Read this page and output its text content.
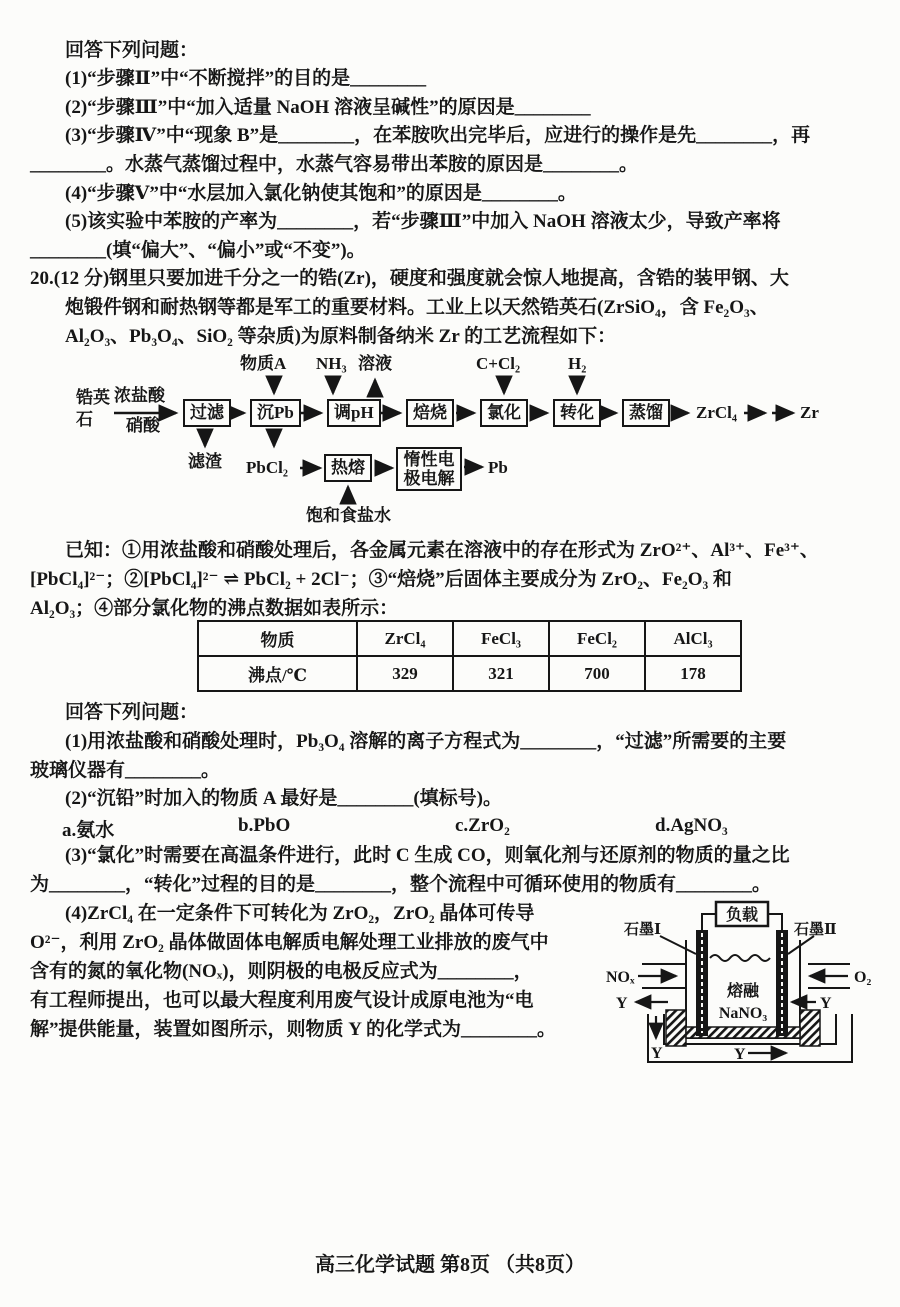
回答下列问题：
(1)“步骤Ⅱ”中“不断搅拌”的目的是________
(2)“步骤Ⅲ”中“加入适量 NaOH 溶液呈碱性”的原因是________
(3)“步骤Ⅳ”中“现象 B”是________，在苯胺吹出完毕后，应进行的操作是先________，再
________。水蒸气蒸馏过程中，水蒸气容易带出苯胺的原因是________。
(4)“步骤Ⅴ”中“水层加入氯化钠使其饱和”的原因是________。
(5)该实验中苯胺的产率为________，若“步骤Ⅲ”中加入 NaOH 溶液太少，导致产率将
________(填“偏大”、“偏小”或“不变”)。
20.(12 分)钢里只要加进千分之一的锆(Zr)，硬度和强度就会惊人地提高，含锆的装甲钢、大
炮锻件钢和耐热钢等都是军工的重要材料。工业上以天然锆英石(ZrSiO₄，含 Fe₂O₃、
Al₂O₃、Pb₃O₄、SiO₂ 等杂质)为原料制备纳米 Zr 的工艺流程如下：
锆英
石
浓盐酸
硝酸
过滤	沉Pb	调pH	焙烧	氯化	转化	蒸馏
物质A NH₃ 溶液	C+Cl₂	H₂
滤渣 PbCl₂	热熔	惰性电极电解
Pb
饱和食盐水
ZrCl₄	Zr
已知：①用浓盐酸和硝酸处理后，各金属元素在溶液中的存在形式为 ZrO²⁺、Al³⁺、Fe³⁺、
[PbCl₄]²⁻；②[PbCl₄]²⁻ ⇌ PbCl₂ + 2Cl⁻；③“焙烧”后固体主要成分为 ZrO₂、Fe₂O₃ 和
Al₂O₃；④部分氯化物的沸点数据如表所示：
物质	ZrCl₄	FeCl₃	FeCl₂	AlCl₃
沸点/℃	329	321	700	178
回答下列问题：
(1)用浓盐酸和硝酸处理时，Pb₃O₄ 溶解的离子方程式为________，“过滤”所需要的主要
玻璃仪器有________。
(2)“沉铅”时加入的物质 A 最好是________(填标号)。
a.氨水	b.PbO	c.ZrO₂	d.AgNO₃
(3)“氯化”时需要在高温条件进行，此时 C 生成 CO，则氧化剂与还原剂的物质的量之比
为________，“转化”过程的目的是________，整个流程中可循环使用的物质有________。
(4)ZrCl₄ 在一定条件下可转化为 ZrO₂，ZrO₂ 晶体可传导
O²⁻，利用 ZrO₂ 晶体做固体电解质电解处理工业排放的废气中
含有的氮的氧化物(NOₓ)，则阴极的电极反应式为________，
有工程师提出，也可以最大程度利用废气设计成原电池为“电
解”提供能量，装置如图所示，则物质 Y 的化学式为________。
负载
石墨Ⅰ	石墨Ⅱ
NOₓ	O₂
Y	Y
Y	Y
熔融
NaNO₃
高三化学试题 第8页 （共8页）
